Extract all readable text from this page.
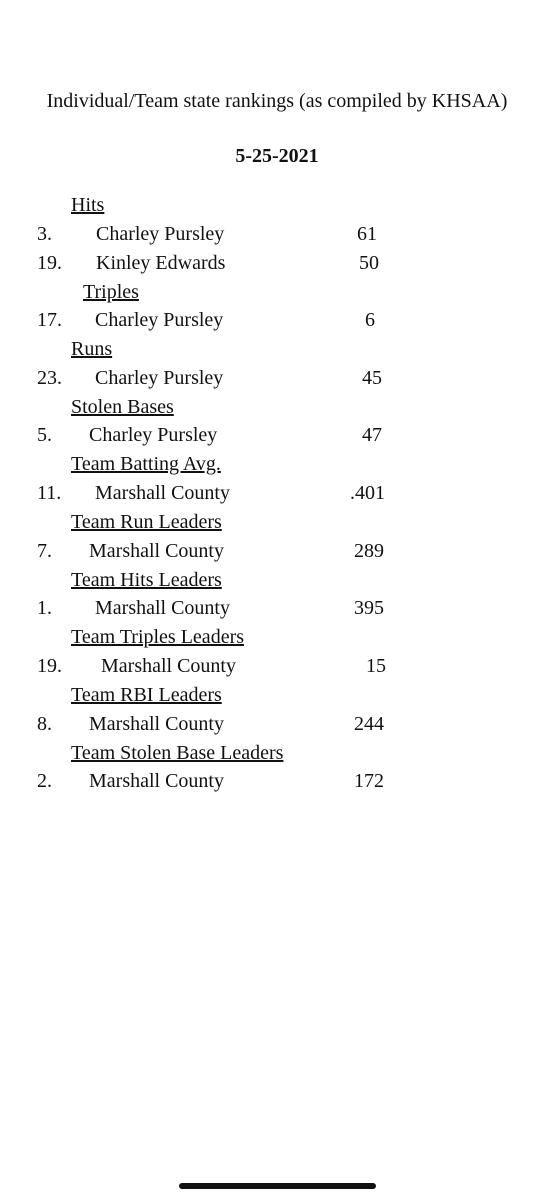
Individual/Team state rankings (as compiled by KHSAA)
5-25-2021
Hits
3. Charley Pursley	61
19. Kinley Edwards	50
Triples
17. Charley Pursley	6
Runs
23. Charley Pursley	45
Stolen Bases
5. Charley Pursley	47
Team Batting Avg.
11. Marshall County	.401
Team Run Leaders
7. Marshall County	289
Team Hits Leaders
1. Marshall County	395
Team Triples Leaders
19. Marshall County	15
Team RBI Leaders
8. Marshall County	244
Team Stolen Base Leaders
2. Marshall County	172
